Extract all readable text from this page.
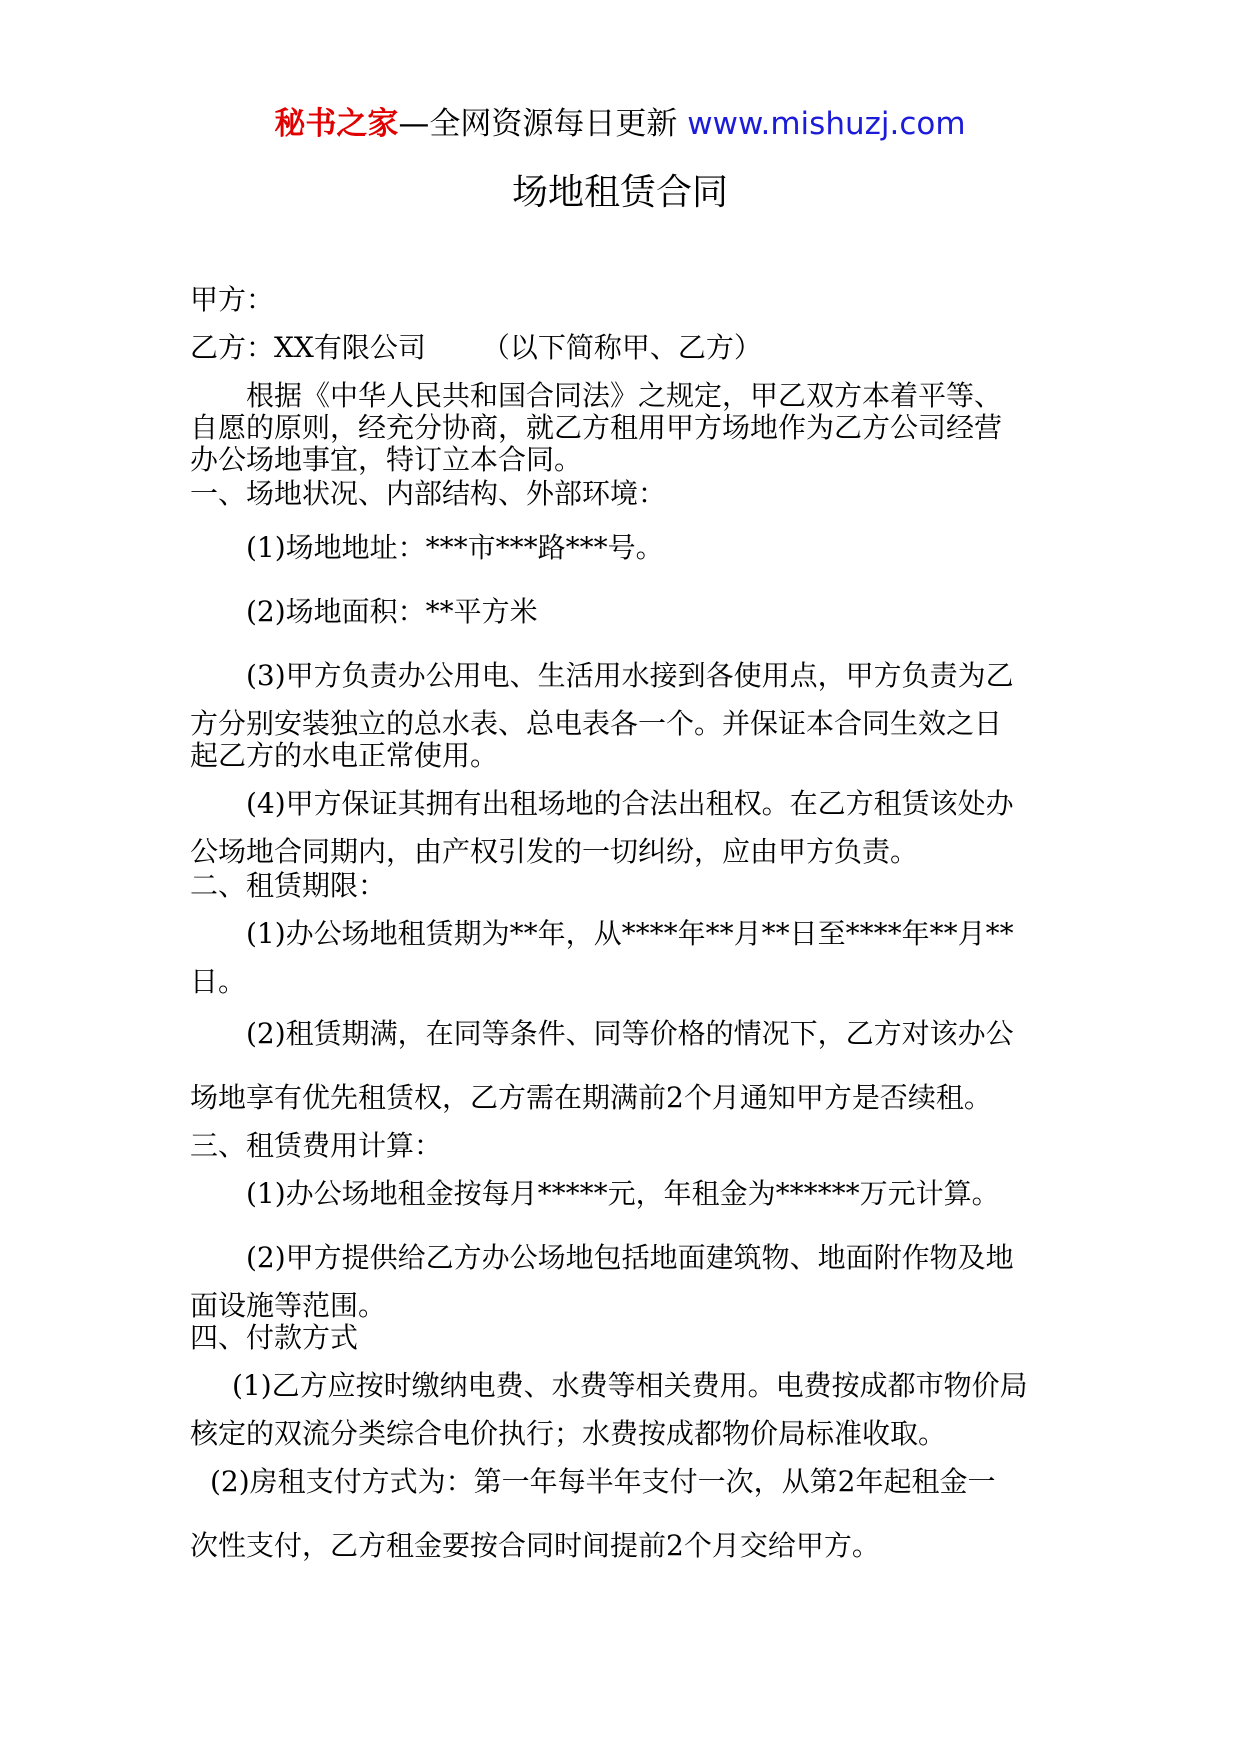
秘书之家—全网资源每日更新 www.mishuzj.com
场地租赁合同
甲方：
乙方：XX有限公司 （以下简称甲、乙方）
根据《中华人民共和国合同法》之规定，甲乙双方本着平等、
自愿的原则，经充分协商，就乙方租用甲方场地作为乙方公司经营
办公场地事宜，特订立本合同。
一、场地状况、内部结构、外部环境：
(1)场地地址：***市***路***号。
(2)场地面积：**平方米
(3)甲方负责办公用电、生活用水接到各使用点，甲方负责为乙
方分别安装独立的总水表、总电表各一个。并保证本合同生效之日
起乙方的水电正常使用。
(4)甲方保证其拥有出租场地的合法出租权。在乙方租赁该处办
公场地合同期内，由产权引发的一切纠纷，应由甲方负责。
二、租赁期限：
(1)办公场地租赁期为**年，从****年**月**日至****年**月**
日。
(2)租赁期满，在同等条件、同等价格的情况下，乙方对该办公
场地享有优先租赁权，乙方需在期满前2个月通知甲方是否续租。
三、租赁费用计算：
(1)办公场地租金按每月*****元，年租金为******万元计算。
(2)甲方提供给乙方办公场地包括地面建筑物、地面附作物及地
面设施等范围。
四、付款方式
(1)乙方应按时缴纳电费、水费等相关费用。电费按成都市物价局
核定的双流分类综合电价执行；水费按成都物价局标准收取。
(2)房租支付方式为：第一年每半年支付一次，从第2年起租金一
次性支付，乙方租金要按合同时间提前2个月交给甲方。
